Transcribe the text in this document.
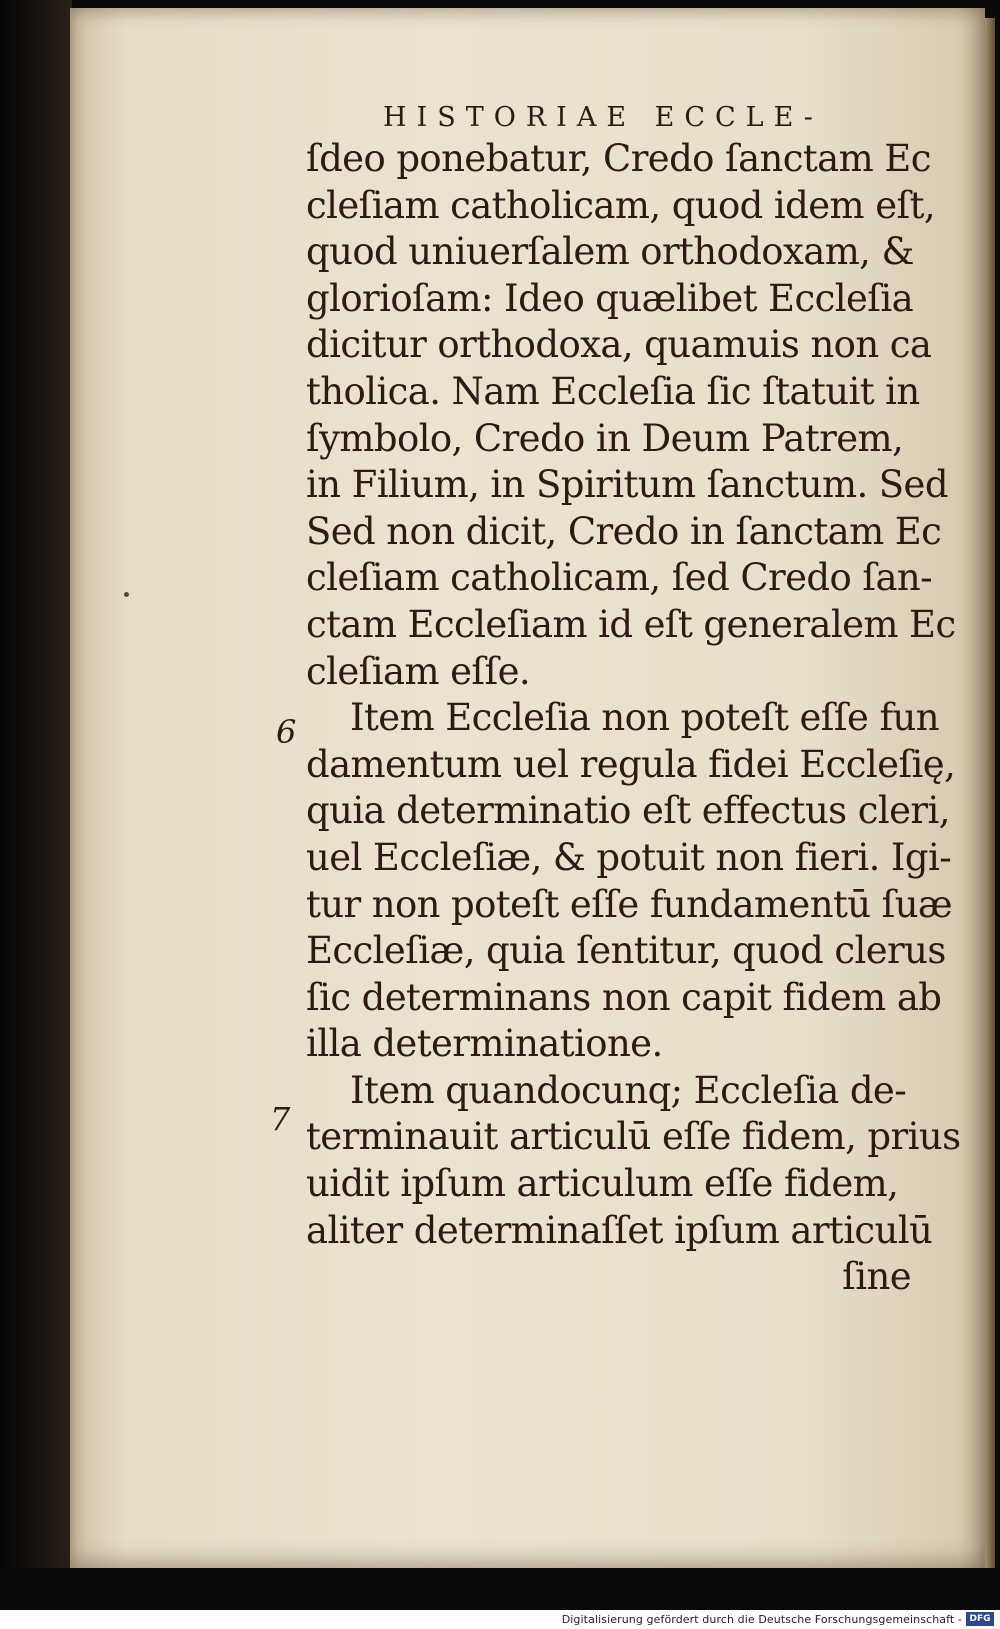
HISTORIAE ECCLE-
6
7
ſdeo ponebatur, Credo ſanctam Ec
cleſiam catholicam, quod idem eſt,
quod uniuerſalem orthodoxam, &
glorioſam: Ideo quælibet Eccleſia
dicitur orthodoxa, quamuis non ca
tholica. Nam Eccleſia ſic ſtatuit in
ſymbolo, Credo in Deum Patrem,
in Filium, in Spiritum ſanctum. Sed
Sed non dicit, Credo in ſanctam Ec
cleſiam catholicam, ſed Credo ſan-
ctam Eccleſiam id eſt generalem Ec
cleſiam eſſe.
Item Eccleſia non poteſt eſſe fun
damentum uel regula fidei Eccleſię,
quia determinatio eſt effectus cleri,
uel Eccleſiæ, & potuit non fieri. Igi-
tur non poteſt eſſe fundamentū ſuæ
Eccleſiæ, quia ſentitur, quod clerus
ſic determinans non capit fidem ab
illa determinatione.
Item quandocunq; Eccleſia de-
terminauit articulū eſſe fidem, prius
uidit ipſum articulum eſſe fidem,
aliter determinaſſet ipſum articulū
ſine
Digitalisierung gefördert durch die Deutsche Forschungsgemeinschaft - DFG
